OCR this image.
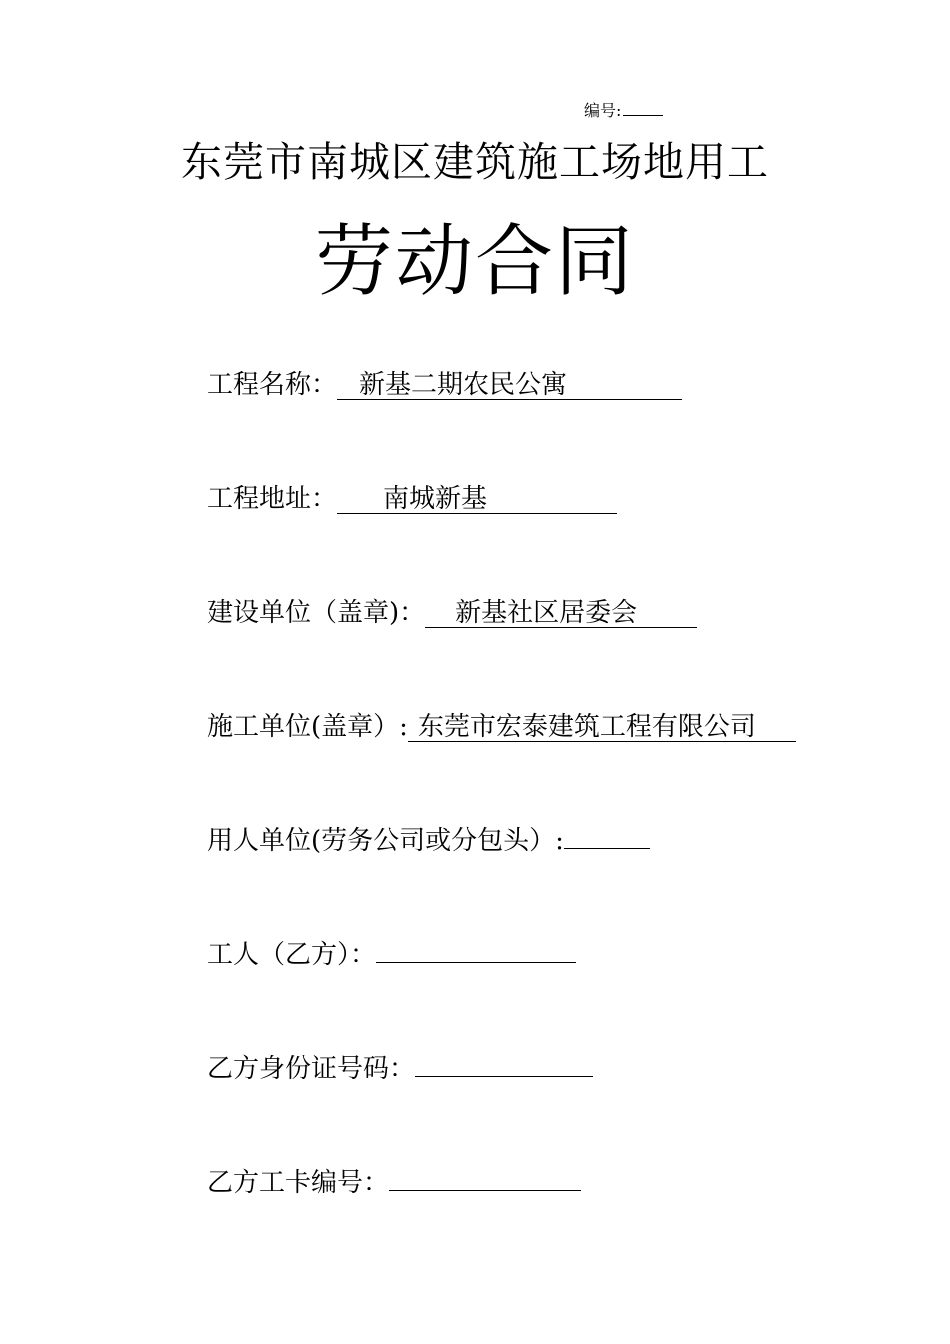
编号:
东莞市南城区建筑施工场地用工
劳动合同
工程名称： 新基二期农民公寓
工程地址： 南城新基
建设单位（盖章)： 新基社区居委会
施工单位(盖章）: 东莞市宏泰建筑工程有限公司
用人单位(劳务公司或分包头）:
工人（乙方）：
乙方身份证号码：
乙方工卡编号：
